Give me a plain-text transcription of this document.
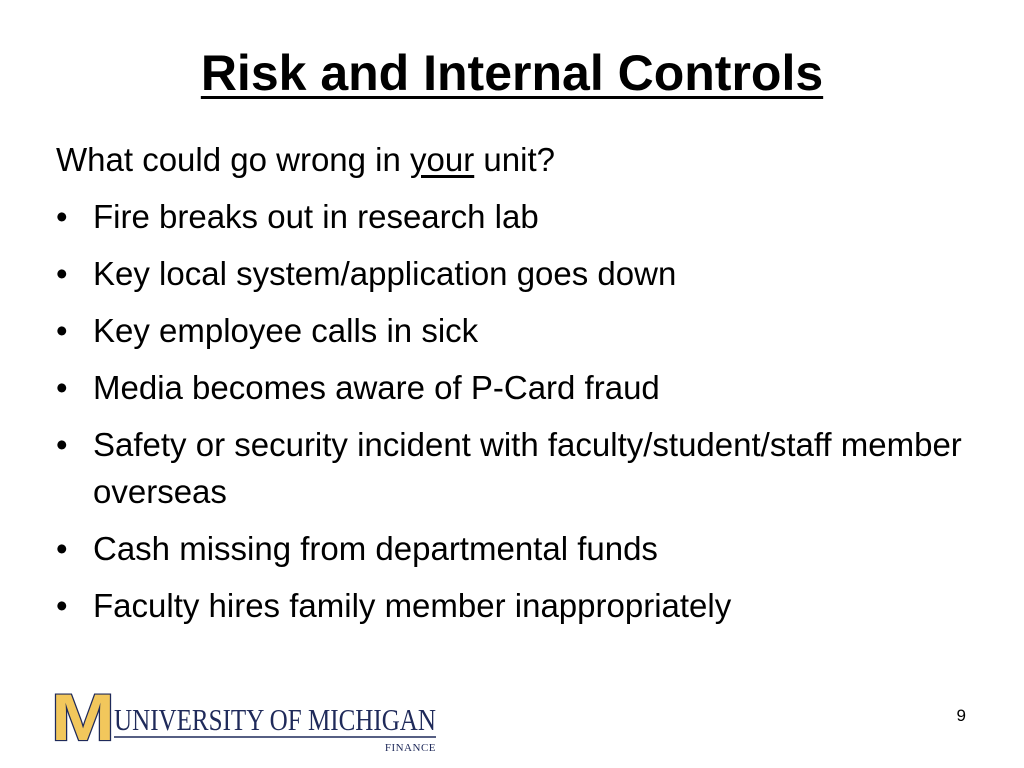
Risk and Internal Controls

What could go wrong in your unit?

• Fire breaks out in research lab
• Key local system/application goes down
• Key employee calls in sick
• Media becomes aware of P-Card fraud
• Safety or security incident with faculty/student/staff member overseas
• Cash missing from departmental funds
• Faculty hires family member inappropriately
M UNIVERSITY OF MICHIGAN
FINANCE
9
